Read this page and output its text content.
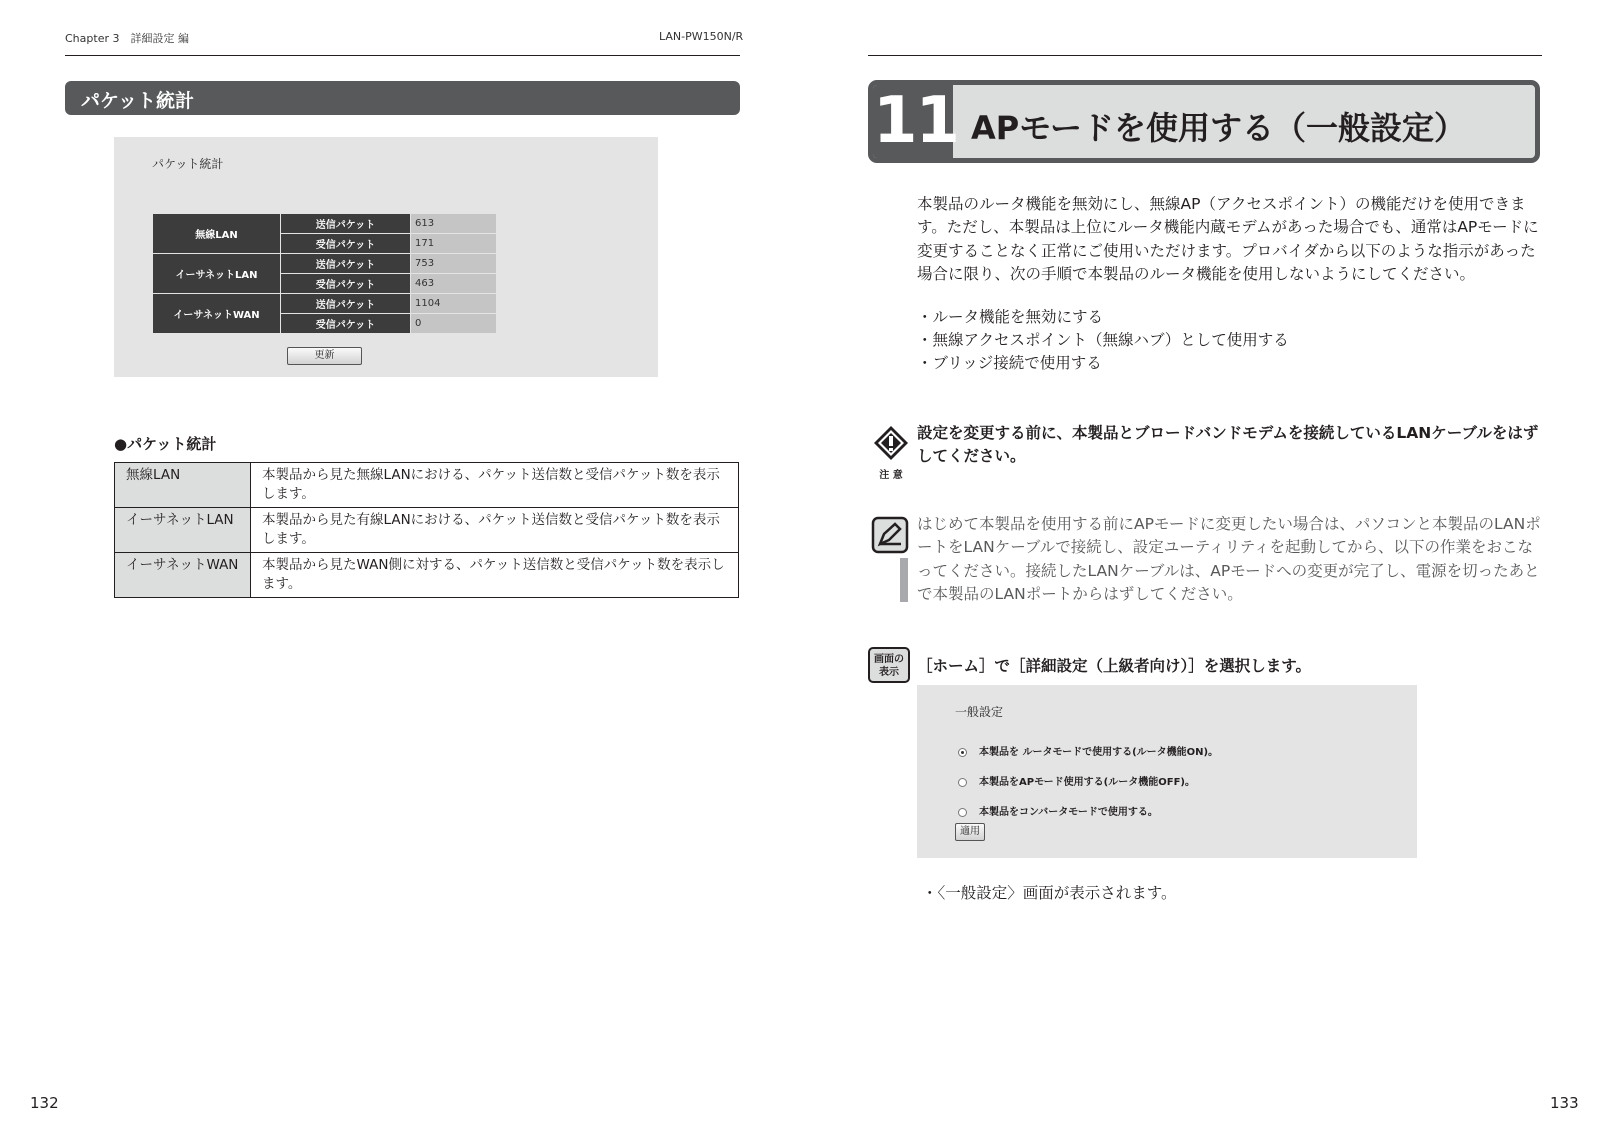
Chapter 3　詳細設定 編	LAN-PW150N/R
パケット統計
パケット統計
無線LAN	送信パケット	613
	受信パケット	171
イーサネットLAN	送信パケット	753
	受信パケット	463
イーサネットWAN	送信パケット	1104
	受信パケット	0
更新
●パケット統計
無線LAN	本製品から見た無線LANにおける、パケット送信数と受信パケット数を表示します。
イーサネットLAN	本製品から見た有線LANにおける、パケット送信数と受信パケット数を表示します。
イーサネットWAN	本製品から見たWAN側に対する、パケット送信数と受信パケット数を表示します。
132
11 APモードを使用する（一般設定）
本製品のルータ機能を無効にし、無線AP（アクセスポイント）の機能だけを使用できます。ただし、本製品は上位にルータ機能内蔵モデムがあった場合でも、通常はAPモードに変更することなく正常にご使用いただけます。プロバイダから以下のような指示があった場合に限り、次の手順で本製品のルータ機能を使用しないようにしてください。
・ルータ機能を無効にする
・無線アクセスポイント（無線ハブ）として使用する
・ブリッジ接続で使用する
注 意
設定を変更する前に、本製品とブロードバンドモデムを接続しているLANケーブルをはずしてください。
はじめて本製品を使用する前にAPモードに変更したい場合は、パソコンと本製品のLANポートをLANケーブルで接続し、設定ユーティリティを起動してから、以下の作業をおこなってください。接続したLANケーブルは、APモードへの変更が完了し、電源を切ったあとで本製品のLANポートからはずしてください。
画面の
表示	［ホーム］で［詳細設定（上級者向け）］を選択します。
一般設定
本製品を ルータモードで使用する(ルータ機能ON)。
本製品をAPモード使用する(ルータ機能OFF)。
本製品をコンバータモードで使用する。
適用
・〈一般設定〉画面が表示されます。
133
